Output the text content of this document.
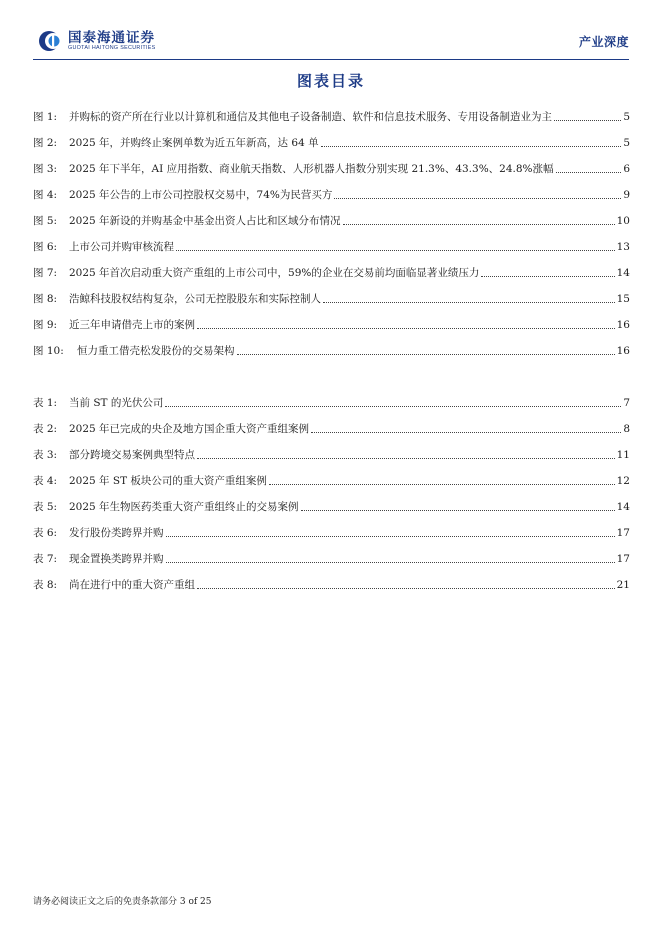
国泰海通证券
GUOTAI HAITONG SECURITIES	产业深度
图表目录
图 1:	并购标的资产所在行业以计算机和通信及其他电子设备制造、软件和信息技术服务、专用设备制造业为主	5
图 2:	2025 年，并购终止案例单数为近五年新高，达 64 单	5
图 3:	2025 年下半年，AI 应用指数、商业航天指数、人形机器人指数分别实现 21.3%、43.3%、24.8%涨幅	6
图 4:	2025 年公告的上市公司控股权交易中，74%为民营买方	9
图 5:	2025 年新设的并购基金中基金出资人占比和区域分布情况	10
图 6:	上市公司并购审核流程	13
图 7:	2025 年首次启动重大资产重组的上市公司中，59%的企业在交易前均面临显著业绩压力	14
图 8:	浩鲸科技股权结构复杂，公司无控股股东和实际控制人	15
图 9:	近三年申请借壳上市的案例	16
图 10:	恒力重工借壳松发股份的交易架构	16
表 1:	当前 ST 的光伏公司	7
表 2:	2025 年已完成的央企及地方国企重大资产重组案例	8
表 3:	部分跨境交易案例典型特点	11
表 4:	2025 年 ST 板块公司的重大资产重组案例	12
表 5:	2025 年生物医药类重大资产重组终止的交易案例	14
表 6:	发行股份类跨界并购	17
表 7:	现金置换类跨界并购	17
表 8:	尚在进行中的重大资产重组	21
请务必阅读正文之后的免责条款部分 3 of 25
